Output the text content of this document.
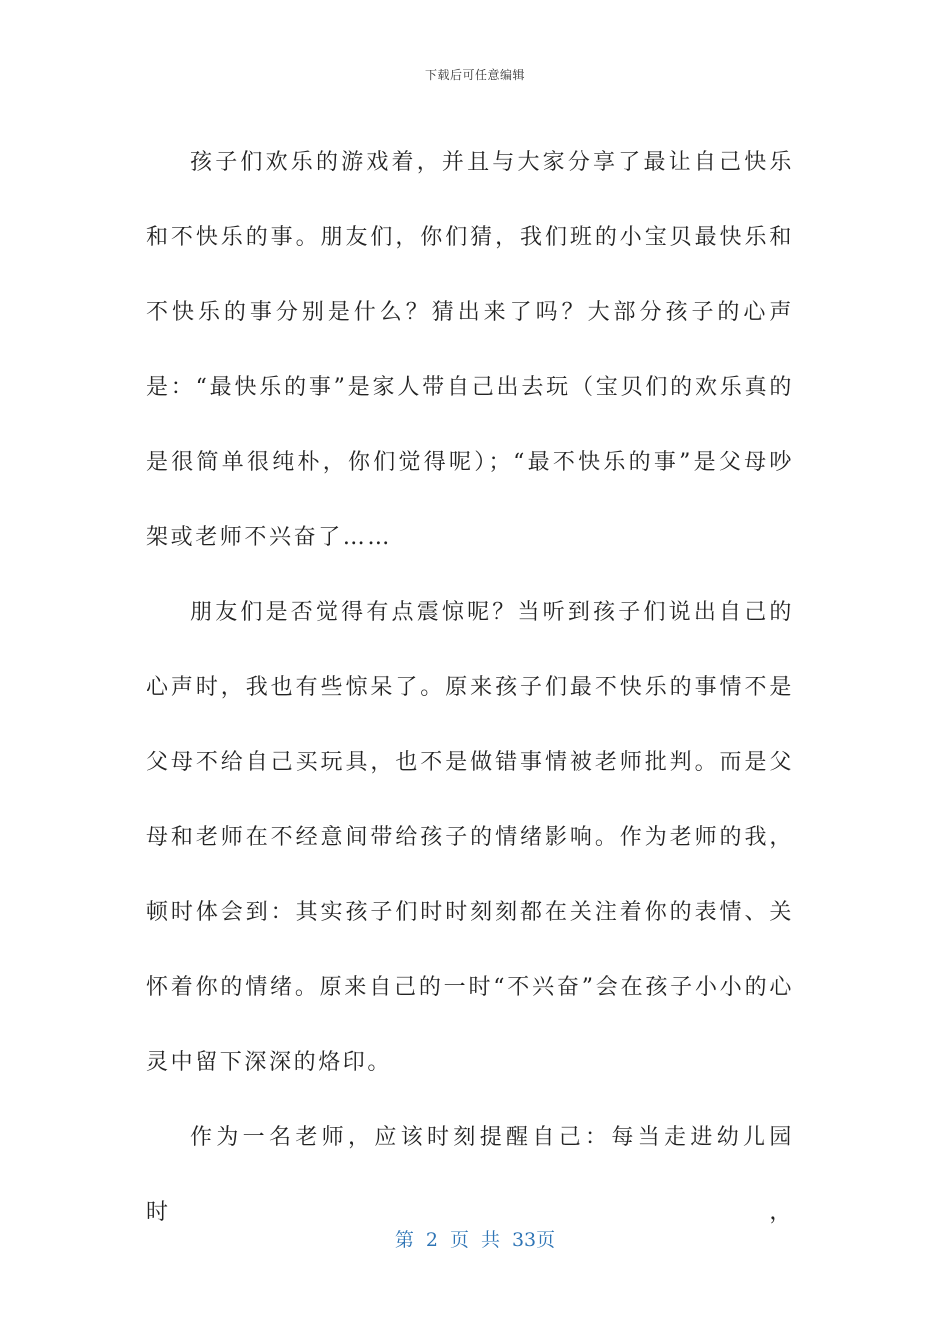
下载后可任意编辑

孩子们欢乐的游戏着，并且与大家分享了最让自己快乐和不快乐的事。朋友们，你们猜，我们班的小宝贝最快乐和不快乐的事分别是什么？猜出来了吗？大部分孩子的心声是：“最快乐的事”是家人带自己出去玩（宝贝们的欢乐真的是很简单很纯朴，你们觉得呢）；“最不快乐的事”是父母吵架或老师不兴奋了……

朋友们是否觉得有点震惊呢？当听到孩子们说出自己的心声时，我也有些惊呆了。原来孩子们最不快乐的事情不是父母不给自己买玩具，也不是做错事情被老师批判。而是父母和老师在不经意间带给孩子的情绪影响。作为老师的我，顿时体会到：其实孩子们时时刻刻都在关注着你的表情、关怀着你的情绪。原来自己的一时“不兴奋”会在孩子小小的心灵中留下深深的烙印。

作为一名老师，应该时刻提醒自己：每当走进幼儿园时，

第 2 页 共 33页
